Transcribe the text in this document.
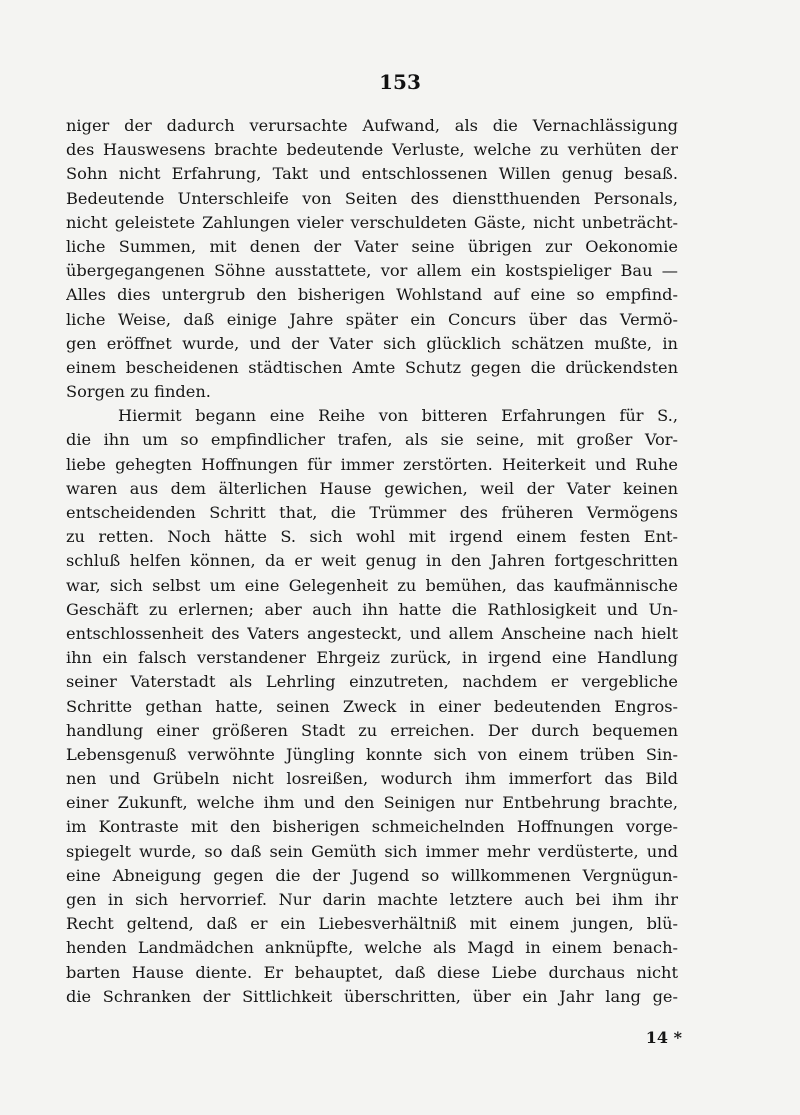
153
niger der dadurch verursachte Aufwand, als die Vernachlässigung
des Hauswesens brachte bedeutende Verluste, welche zu verhüten der
Sohn nicht Erfahrung, Takt und entschlossenen Willen genug besaß.
Bedeutende Unterschleife von Seiten des dienstthuenden Personals,
nicht geleistete Zahlungen vieler verschuldeten Gäste, nicht unbeträcht-
liche Summen, mit denen der Vater seine übrigen zur Oekonomie
übergegangenen Söhne ausstattete, vor allem ein kostspieliger Bau —
Alles dies untergrub den bisherigen Wohlstand auf eine so empfind-
liche Weise, daß einige Jahre später ein Concurs über das Vermö-
gen eröffnet wurde, und der Vater sich glücklich schätzen mußte, in
einem bescheidenen städtischen Amte Schutz gegen die drückendsten
Sorgen zu finden.
Hiermit begann eine Reihe von bitteren Erfahrungen für S.,
die ihn um so empfindlicher trafen, als sie seine, mit großer Vor-
liebe gehegten Hoffnungen für immer zerstörten. Heiterkeit und Ruhe
waren aus dem älterlichen Hause gewichen, weil der Vater keinen
entscheidenden Schritt that, die Trümmer des früheren Vermögens
zu retten. Noch hätte S. sich wohl mit irgend einem festen Ent-
schluß helfen können, da er weit genug in den Jahren fortgeschritten
war, sich selbst um eine Gelegenheit zu bemühen, das kaufmännische
Geschäft zu erlernen; aber auch ihn hatte die Rathlosigkeit und Un-
entschlossenheit des Vaters angesteckt, und allem Anscheine nach hielt
ihn ein falsch verstandener Ehrgeiz zurück, in irgend eine Handlung
seiner Vaterstadt als Lehrling einzutreten, nachdem er vergebliche
Schritte gethan hatte, seinen Zweck in einer bedeutenden Engros-
handlung einer größeren Stadt zu erreichen. Der durch bequemen
Lebensgenuß verwöhnte Jüngling konnte sich von einem trüben Sin-
nen und Grübeln nicht losreißen, wodurch ihm immerfort das Bild
einer Zukunft, welche ihm und den Seinigen nur Entbehrung brachte,
im Kontraste mit den bisherigen schmeichelnden Hoffnungen vorge-
spiegelt wurde, so daß sein Gemüth sich immer mehr verdüsterte, und
eine Abneigung gegen die der Jugend so willkommenen Vergnügun-
gen in sich hervorrief. Nur darin machte letztere auch bei ihm ihr
Recht geltend, daß er ein Liebesverhältniß mit einem jungen, blü-
henden Landmädchen anknüpfte, welche als Magd in einem benach-
barten Hause diente. Er behauptet, daß diese Liebe durchaus nicht
die Schranken der Sittlichkeit überschritten, über ein Jahr lang ge-
14 *
